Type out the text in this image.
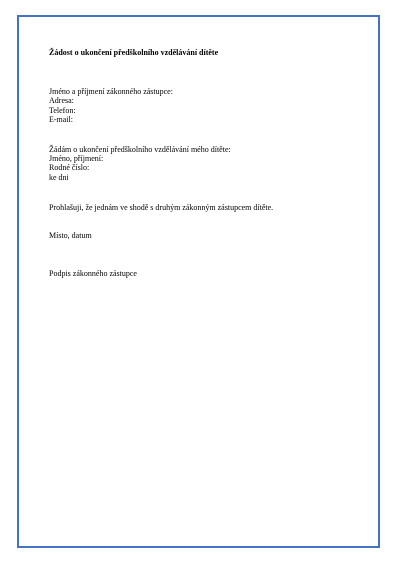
Žádost o ukončení předškolního vzdělávání dítěte
Jméno a příjmení zákonného zástupce:
Adresa:
Telefon:
E-mail:
Žádám o ukončení předškolního vzdělávání mého dítěte:
Jméno, příjmení:
Rodné číslo:
ke dni
Prohlašuji, že jednám ve shodě s druhým zákonným zástupcem dítěte.
Místo, datum
Podpis zákonného zástupce
